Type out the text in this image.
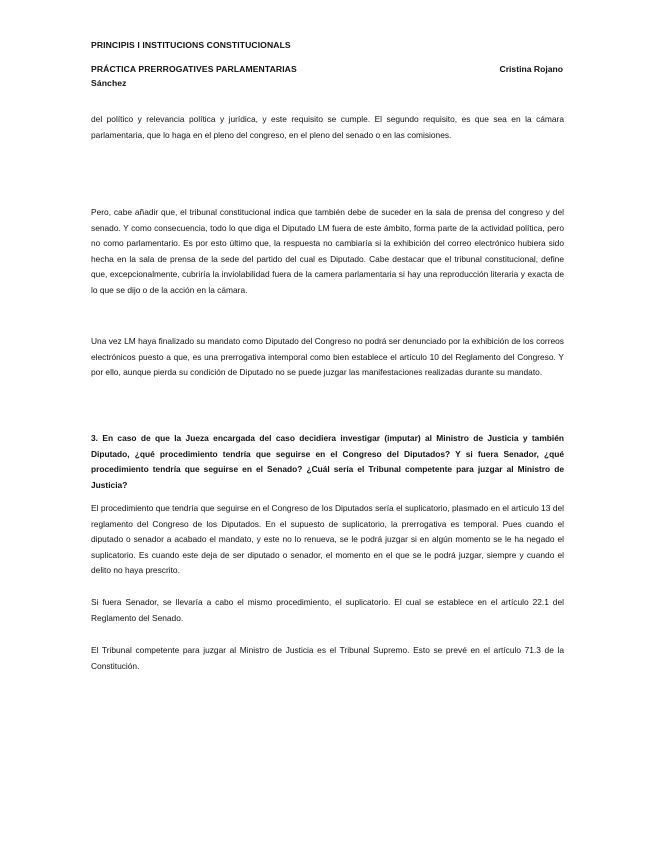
PRINCIPIS I INSTITUCIONS CONSTITUCIONALS
PRÁCTICA PRERROGATIVES PARLAMENTARIAS	Cristina Rojano
Sánchez

del político y relevancia política y jurídica, y este requisito se cumple. El segundo requisito, es que sea en la cámara parlamentaria, que lo haga en el pleno del congreso, en el pleno del senado o en las comisiones.

Pero, cabe añadir que, el tribunal constitucional indica que también debe de suceder en la sala de prensa del congreso y del senado. Y como consecuencia, todo lo que diga el Diputado LM fuera de este ámbito, forma parte de la actividad política, pero no como parlamentario. Es por esto último que, la respuesta no cambiaría si la exhibición del correo electrónico hubiera sido hecha en la sala de prensa de la sede del partido del cual es Diputado. Cabe destacar que el tribunal constitucional, define que, excepcionalmente, cubriría la inviolabilidad fuera de la camera parlamentaria si hay una reproducción literaria y exacta de lo que se dijo o de la acción en la cámara.

Una vez LM haya finalizado su mandato como Diputado del Congreso no podrá ser denunciado por la exhibición de los correos electrónicos puesto a que, es una prerrogativa intemporal como bien establece el artículo 10 del Reglamento del Congreso. Y por ello, aunque pierda su condición de Diputado no se puede juzgar las manifestaciones realizadas durante su mandato.

3. En caso de que la Jueza encargada del caso decidiera investigar (imputar) al Ministro de Justicia y también Diputado, ¿qué procedimiento tendría que seguirse en el Congreso del Diputados? Y si fuera Senador, ¿qué procedimiento tendría que seguirse en el Senado? ¿Cuál sería el Tribunal competente para juzgar al Ministro de Justicia?

El procedimiento que tendría que seguirse en el Congreso de los Diputados sería el suplicatorio, plasmado en el artículo 13 del reglamento del Congreso de los Diputados. En el supuesto de suplicatorio, la prerrogativa es temporal. Pues cuando el diputado o senador a acabado el mandato, y este no lo renueva, se le podrá juzgar si en algún momento se le ha negado el suplicatorio. Es cuando este deja de ser diputado o senador, el momento en el que se le podrá juzgar, siempre y cuando el delito no haya prescrito.

Si fuera Senador, se llevaría a cabo el mismo procedimiento, el suplicatorio. El cual se establece en el artículo 22.1 del Reglamento del Senado.

El Tribunal competente para juzgar al Ministro de Justicia es el Tribunal Supremo. Esto se prevé en el artículo 71.3 de la Constitución.
